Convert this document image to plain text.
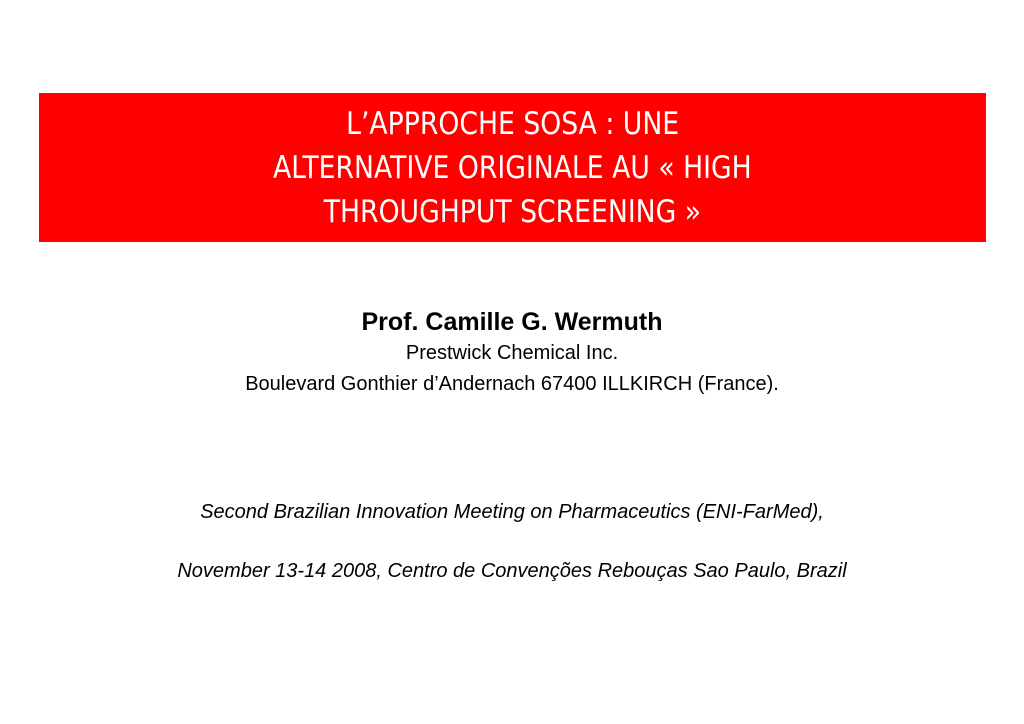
L’APPROCHE SOSA : UNE
ALTERNATIVE ORIGINALE AU « HIGH
THROUGHPUT SCREENING »
Prof. Camille G. Wermuth
Prestwick Chemical Inc.
Boulevard Gonthier d’Andernach 67400 ILLKIRCH (France).
Second Brazilian Innovation Meeting on Pharmaceutics (ENI-FarMed),
November 13-14 2008, Centro de Convenções Rebouças Sao Paulo, Brazil
